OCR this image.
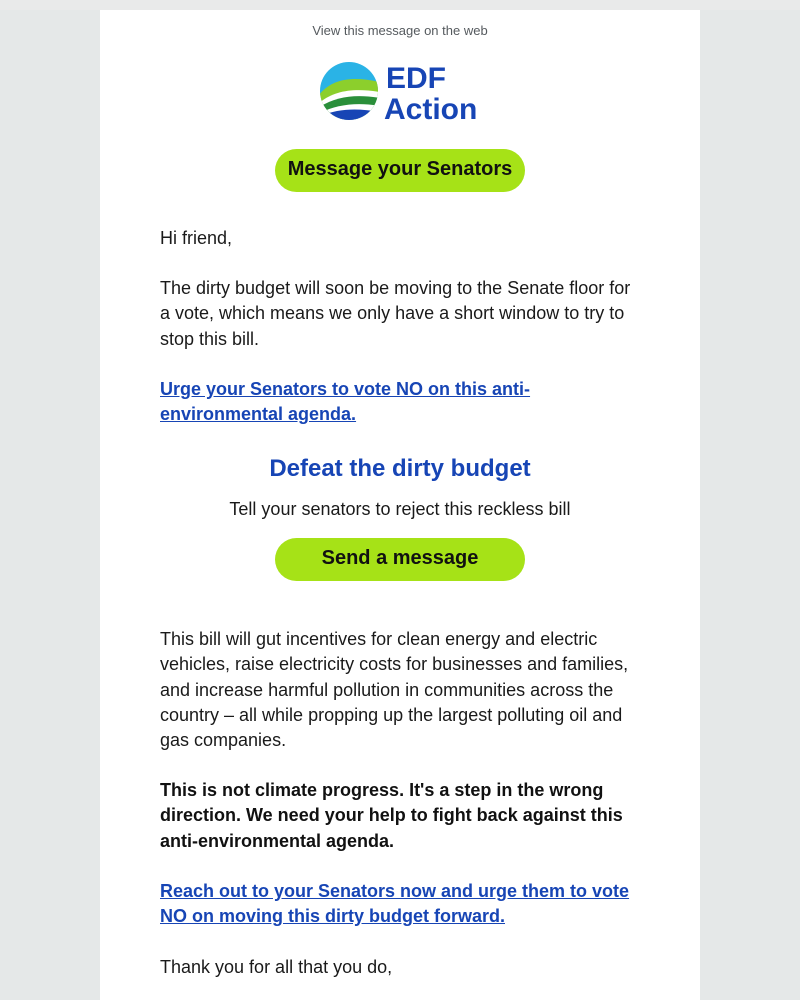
View this message on the web
EDF
Action
Message your Senators

Hi friend,

The dirty budget will soon be moving to the Senate floor for a vote, which means we only have a short window to try to stop this bill.

Urge your Senators to vote NO on this anti-environmental agenda.

Defeat the dirty budget

Tell your senators to reject this reckless bill

Send a message

This bill will gut incentives for clean energy and electric vehicles, raise electricity costs for businesses and families, and increase harmful pollution in communities across the country – all while propping up the largest polluting oil and gas companies.

This is not climate progress. It's a step in the wrong direction. We need your help to fight back against this anti-environmental agenda.

Reach out to your Senators now and urge them to vote NO on moving this dirty budget forward.

Thank you for all that you do,
